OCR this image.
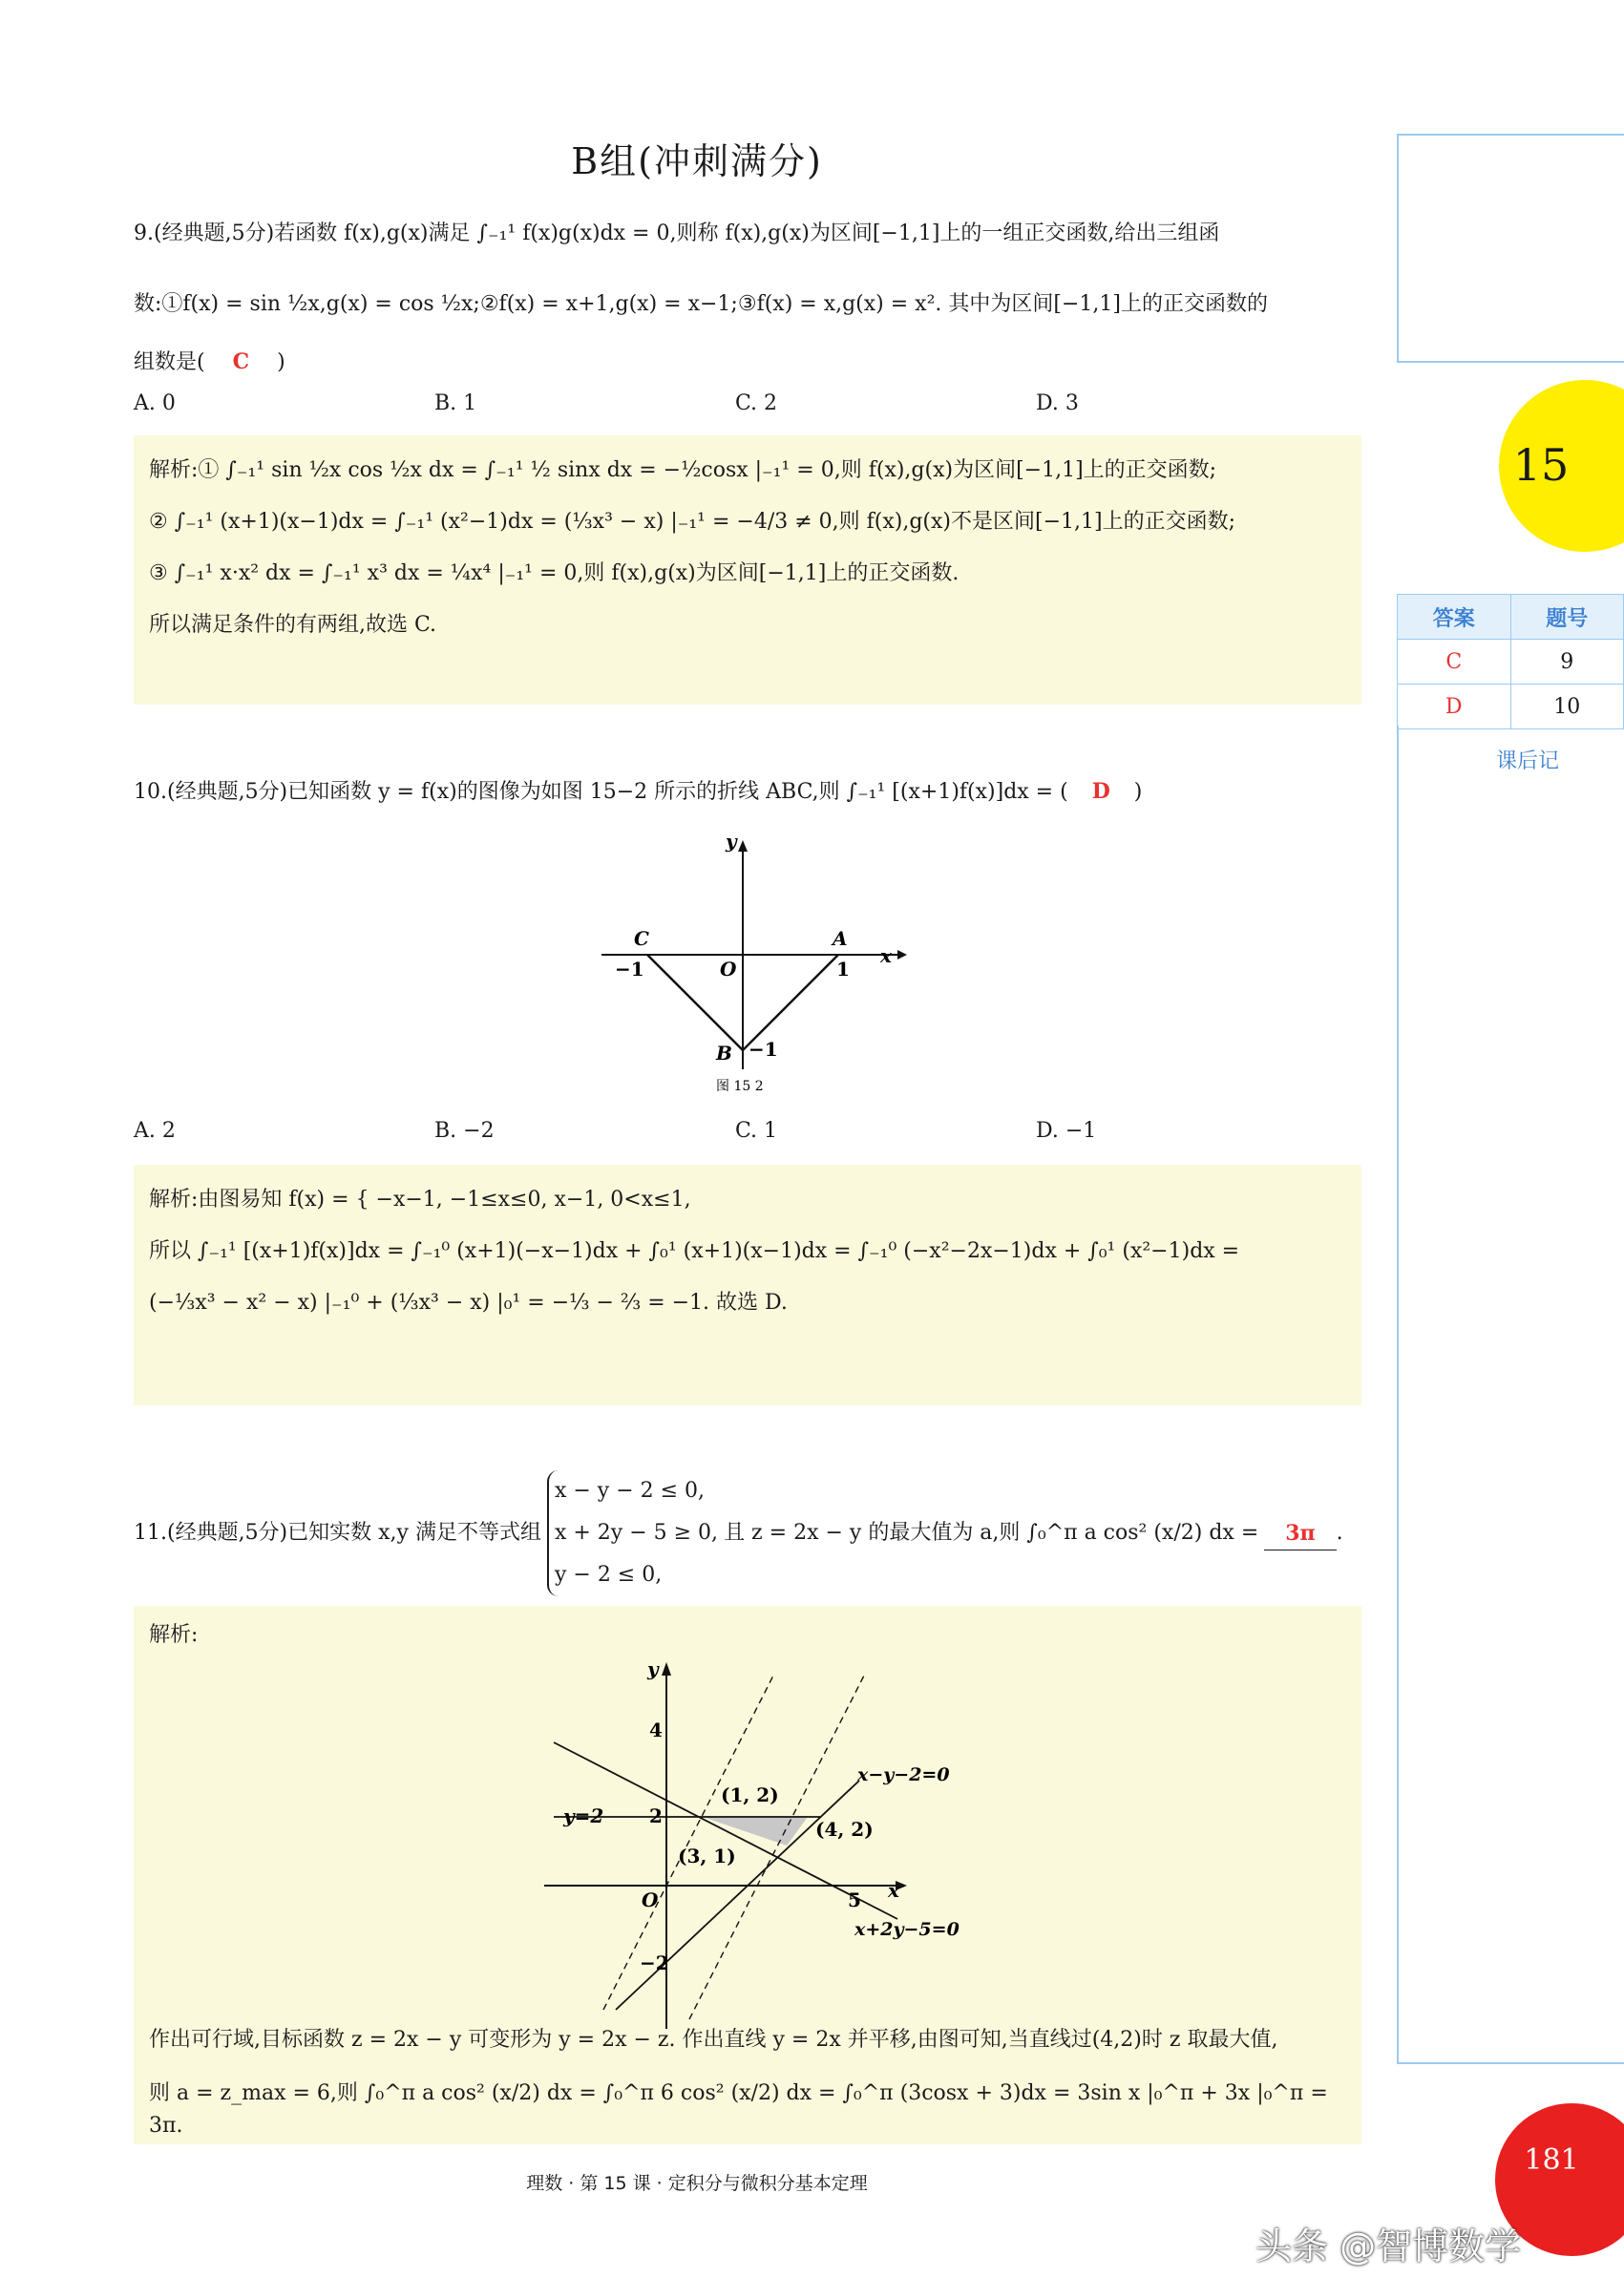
B组(冲刺满分)
9.(经典题,5分)若函数 f(x),g(x)满足 ∫₋₁¹ f(x)g(x)dx = 0,则称 f(x),g(x)为区间[−1,1]上的一组正交函数,给出三组函
数:①f(x) = sin ½x,g(x) = cos ½x;②f(x) = x+1,g(x) = x−1;③f(x) = x,g(x) = x². 其中为区间[−1,1]上的正交函数的
组数是( C )
A. 0	B. 1	C. 2	D. 3

解析:① ∫₋₁¹ sin ½x cos ½x dx = ∫₋₁¹ ½ sinx dx = −½cosx |₋₁¹ = 0,则 f(x),g(x)为区间[−1,1]上的正交函数;

② ∫₋₁¹ (x+1)(x−1)dx = ∫₋₁¹ (x²−1)dx = (⅓x³ − x) |₋₁¹ = −4/3 ≠ 0,则 f(x),g(x)不是区间[−1,1]上的正交函数;

③ ∫₋₁¹ x·x² dx = ∫₋₁¹ x³ dx = ¼x⁴ |₋₁¹ = 0,则 f(x),g(x)为区间[−1,1]上的正交函数.

所以满足条件的有两组,故选 C.

10.(经典题,5分)已知函数 y = f(x)的图像为如图 15−2 所示的折线 ABC,则 ∫₋₁¹ [(x+1)f(x)]dx = ( D )
y
x
C	A
O
−1	1
B −1
图 15 2
A. 2	B. −2	C. 1	D. −1

解析:由图易知 f(x) = { −x−1, −1≤x≤0, x−1, 0<x≤1,

所以 ∫₋₁¹ [(x+1)f(x)]dx = ∫₋₁⁰ (x+1)(−x−1)dx + ∫₀¹ (x+1)(x−1)dx = ∫₋₁⁰ (−x²−2x−1)dx + ∫₀¹ (x²−1)dx =

(−⅓x³ − x² − x) |₋₁⁰ + (⅓x³ − x) |₀¹ = −⅓ − ⅔ = −1. 故选 D.

11.(经典题,5分)已知实数 x,y 满足不等式组
x − y − 2 ≤ 0,
x + 2y − 5 ≥ 0,
y − 2 ≤ 0,
且 z = 2x − y 的最大值为 a,则 ∫₀^π a cos² (x/2) dx =	3π	.

解析:

y
x
4
2
y=2
O	5
−2
(1, 2)
(4, 2)
(3, 1)
x−y−2=0
x+2y−5=0

作出可行域,目标函数 z = 2x − y 可变形为 y = 2x − z. 作出直线 y = 2x 并平移,由图可知,当直线过(4,2)时 z 取最大值,

则 a = z_max = 6,则 ∫₀^π a cos² (x/2) dx = ∫₀^π 6 cos² (x/2) dx = ∫₀^π (3cosx + 3)dx = 3sin x |₀^π + 3x |₀^π = 3π.

15
答案	题号
C	9
D	10
课后记
理数 · 第 15 课 · 定积分与微积分基本定理
181
头条 @智博数学
